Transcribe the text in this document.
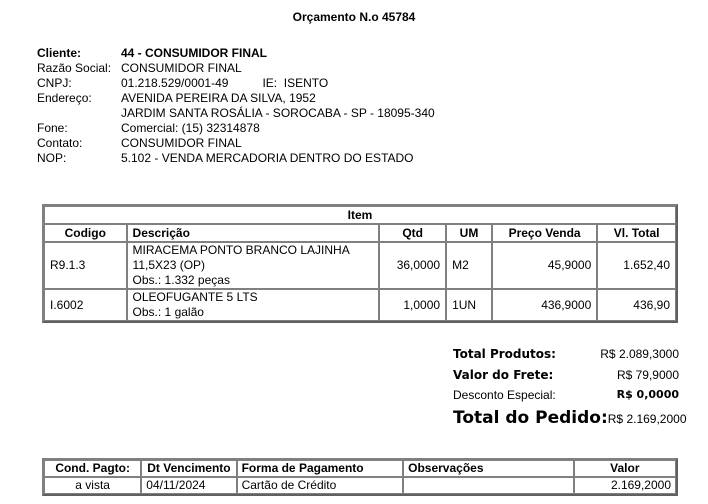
Orçamento N.o 45784
Cliente:	44 - CONSUMIDOR FINAL
Razão Social: CONSUMIDOR FINAL
CNPJ:	01.218.529/0001-49	IE: ISENTO
Endereço: AVENIDA PEREIRA DA SILVA, 1952
JARDIM SANTA ROSÁLIA - SOROCABA - SP - 18095-340
Fone:	Comercial: (15) 32314878
Contato:	CONSUMIDOR FINAL
NOP:	5.102 - VENDA MERCADORIA DENTRO DO ESTADO
Item					
Codigo	Descrição	Qtd	UM	Preço Venda	Vl. Total
R9.1.3	MIRACEMA PONTO BRANCO LAJINHA
11,5X23 (OP)
Obs.: 1.332 peças	36,0000	M2	45,9000	1.652,40
I.6002	OLEOFUGANTE 5 LTS
Obs.: 1 galão	1,0000	1UN	436,9000	436,90
Total Produtos:	R$ 2.089,3000
Valor do Frete:	R$ 79,9000
Desconto Especial:	R$ 0,0000
Total do Pedido: R$ 2.169,2000
Cond. Pagto:	Dt Vencimento	Forma de Pagamento	Observações	Valor
a vista	04/11/2024	Cartão de Crédito		2.169,2000
